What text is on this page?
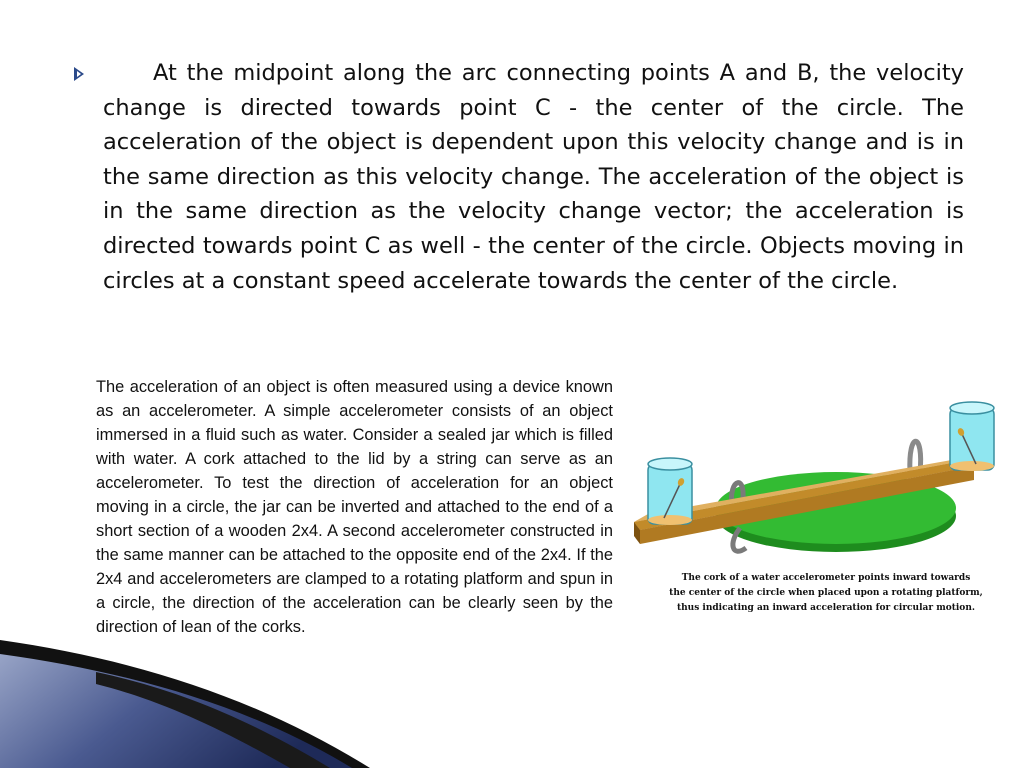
At the midpoint along the arc connecting points A and B, the velocity change is directed towards point C - the center of the circle. The acceleration of the object is dependent upon this velocity change and is in the same direction as this velocity change. The acceleration of the object is in the same direction as the velocity change vector; the acceleration is directed towards point C as well - the center of the circle. Objects moving in circles at a constant speed accelerate towards the center of the circle.

The acceleration of an object is often measured using a device known as an accelerometer. A simple accelerometer consists of an object immersed in a fluid such as water. Consider a sealed jar which is filled with water. A cork attached to the lid by a string can serve as an accelerometer. To test the direction of acceleration for an object moving in a circle, the jar can be inverted and attached to the end of a short section of a wooden 2x4. A second accelerometer constructed in the same manner can be attached to the opposite end of the 2x4. If the 2x4 and accelerometers are clamped to a rotating platform and spun in a circle, the direction of the acceleration can be clearly seen by the direction of lean of the corks.

The cork of a water accelerometer points inward towards
the center of the circle when placed upon a rotating platform,
thus indicating an inward acceleration for circular motion.
